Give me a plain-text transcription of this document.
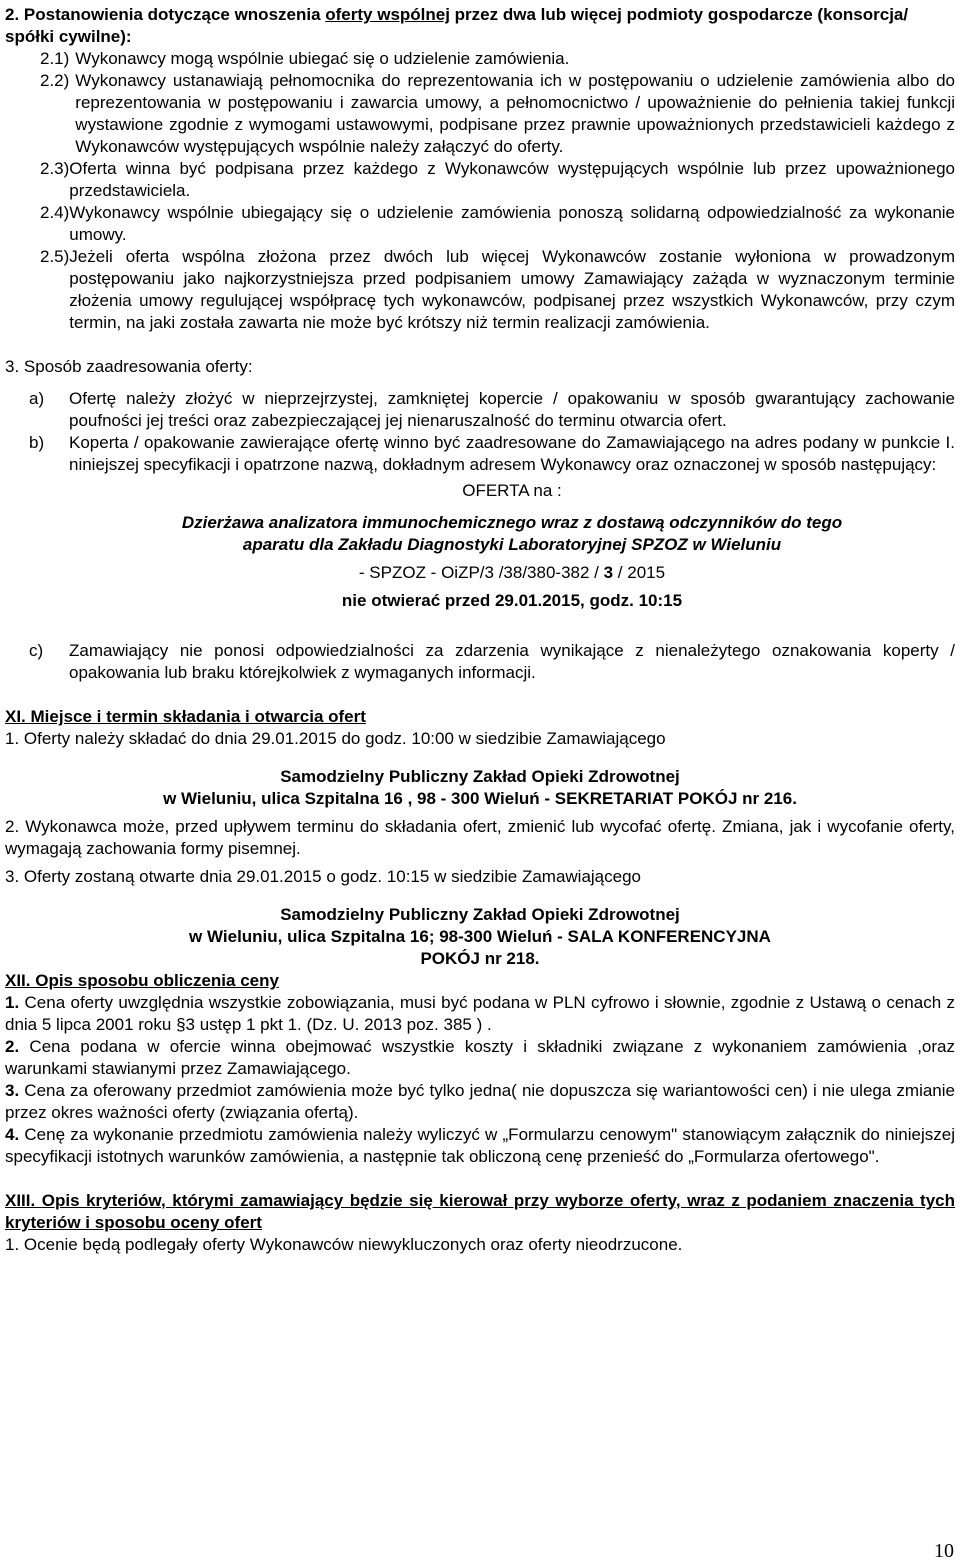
2. Postanowienia dotyczące wnoszenia oferty wspólnej przez dwa lub więcej podmioty gospodarcze (konsorcja/ spółki cywilne):
2.1) Wykonawcy mogą wspólnie ubiegać się o udzielenie zamówienia.
2.2) Wykonawcy ustanawiają pełnomocnika do reprezentowania ich w postępowaniu o udzielenie zamówienia albo do reprezentowania w postępowaniu i zawarcia umowy, a pełnomocnictwo / upoważnienie do pełnienia takiej funkcji wystawione zgodnie z wymogami ustawowymi, podpisane przez prawnie upoważnionych przedstawicieli każdego z Wykonawców występujących wspólnie należy załączyć do oferty.
2.3) Oferta winna być podpisana przez każdego z Wykonawców występujących wspólnie lub przez upoważnionego przedstawiciela.
2.4) Wykonawcy wspólnie ubiegający się o udzielenie zamówienia ponoszą solidarną odpowiedzialność za wykonanie umowy.
2.5) Jeżeli oferta wspólna złożona przez dwóch lub więcej Wykonawców zostanie wyłoniona w prowadzonym postępowaniu jako najkorzystniejsza przed podpisaniem umowy Zamawiający zażąda w wyznaczonym terminie złożenia umowy regulującej współpracę tych wykonawców, podpisanej przez wszystkich Wykonawców, przy czym termin, na jaki została zawarta nie może być krótszy niż termin realizacji zamówienia.
3. Sposób zaadresowania oferty:
a)	Ofertę należy złożyć w nieprzejrzystej, zamkniętej kopercie / opakowaniu w sposób gwarantujący zachowanie poufności jej treści oraz zabezpieczającej jej nienaruszalność do terminu otwarcia ofert.
b)	Koperta / opakowanie zawierające ofertę winno być zaadresowane do Zamawiającego na adres podany w punkcie I. niniejszej specyfikacji i opatrzone nazwą, dokładnym adresem Wykonawcy oraz oznaczonej w sposób następujący:
OFERTA na :
Dzierżawa analizatora immunochemicznego wraz z dostawą odczynników do tego
aparatu dla Zakładu Diagnostyki Laboratoryjnej SPZOZ w Wieluniu
- SPZOZ - OiZP/3 /38/380-382 / 3 / 2015
nie otwierać przed 29.01.2015, godz. 10:15
c)	Zamawiający nie ponosi odpowiedzialności za zdarzenia wynikające z nienależytego oznakowania koperty / opakowania lub braku którejkolwiek z wymaganych informacji.
XI. Miejsce i termin składania i otwarcia ofert
1. Oferty należy składać do dnia 29.01.2015 do godz. 10:00 w siedzibie Zamawiającego
Samodzielny Publiczny Zakład Opieki Zdrowotnej
w Wieluniu, ulica Szpitalna 16 , 98 - 300 Wieluń - SEKRETARIAT POKÓJ nr 216.
2. Wykonawca może, przed upływem terminu do składania ofert, zmienić lub wycofać ofertę. Zmiana, jak i wycofanie oferty, wymagają zachowania formy pisemnej.
3. Oferty zostaną otwarte dnia 29.01.2015 o godz. 10:15 w siedzibie Zamawiającego
Samodzielny Publiczny Zakład Opieki Zdrowotnej
w Wieluniu, ulica Szpitalna 16; 98-300 Wieluń - SALA KONFERENCYJNA
POKÓJ nr 218.
XII. Opis sposobu obliczenia ceny
1. Cena oferty uwzględnia wszystkie zobowiązania, musi być podana w PLN cyfrowo i słownie, zgodnie z Ustawą o cenach z dnia 5 lipca 2001 roku §3 ustęp 1 pkt 1. (Dz. U. 2013 poz. 385 ) .
2. Cena podana w ofercie winna obejmować wszystkie koszty i składniki związane z wykonaniem zamówienia ,oraz warunkami stawianymi przez Zamawiającego.
3. Cena za oferowany przedmiot zamówienia może być tylko jedna( nie dopuszcza się wariantowości cen) i nie ulega zmianie przez okres ważności oferty (związania ofertą).
4. Cenę za wykonanie przedmiotu zamówienia należy wyliczyć w „Formularzu cenowym" stanowiącym załącznik do niniejszej specyfikacji istotnych warunków zamówienia, a następnie tak obliczoną cenę przenieść do „Formularza ofertowego".
XIII. Opis kryteriów, którymi zamawiający będzie się kierował przy wyborze oferty, wraz z podaniem znaczenia tych kryteriów i sposobu oceny ofert
1. Ocenie będą podlegały oferty Wykonawców niewykluczonych oraz oferty nieodrzucone.
10
